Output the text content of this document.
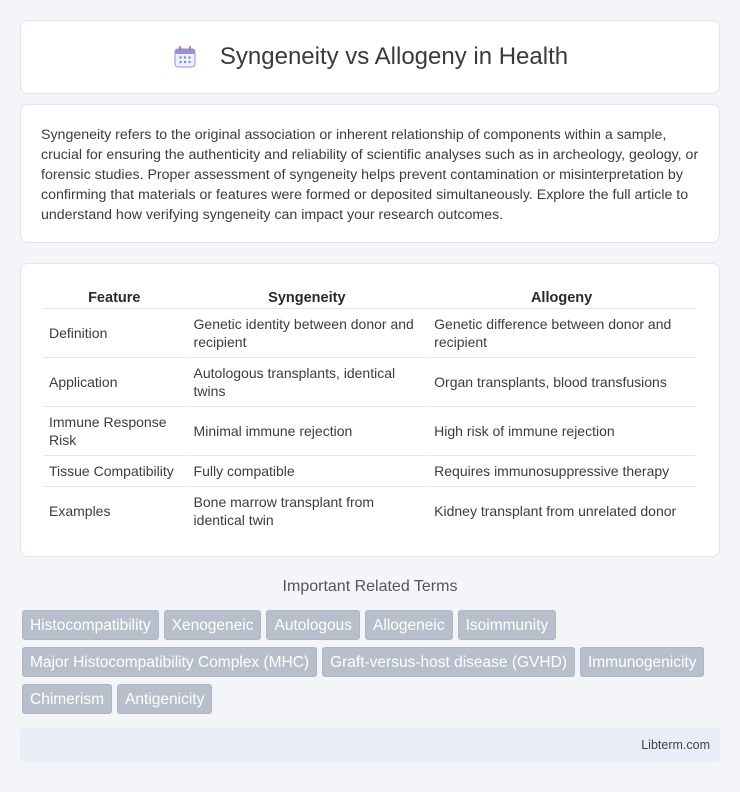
Syngeneity vs Allogeny in Health

Syngeneity refers to the original association or inherent relationship of components within a sample, crucial for ensuring the authenticity and reliability of scientific analyses such as in archeology, geology, or forensic studies. Proper assessment of syngeneity helps prevent contamination or misinterpretation by confirming that materials or features were formed or deposited simultaneously. Explore the full article to understand how verifying syngeneity can impact your research outcomes.

Feature	Syngeneity	Allogeny
Definition	Genetic identity between donor and recipient	Genetic difference between donor and recipient
Application	Autologous transplants, identical twins	Organ transplants, blood transfusions
Immune Response Risk	Minimal immune rejection	High risk of immune rejection
Tissue Compatibility	Fully compatible	Requires immunosuppressive therapy
Examples	Bone marrow transplant from identical twin	Kidney transplant from unrelated donor
Important Related Terms
Histocompatibility	Xenogeneic	Autologous	Allogeneic	Isoimmunity
Major Histocompatibility Complex (MHC)	Graft-versus-host disease (GVHD)	Immunogenicity
Chimerism	Antigenicity
Libterm.com
